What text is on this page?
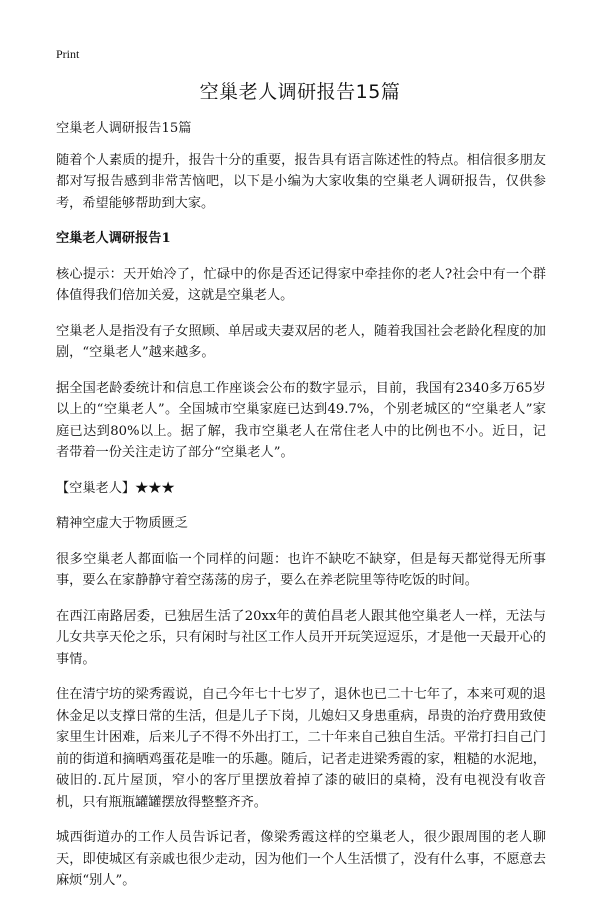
Print
空巢老人调研报告15篇

空巢老人调研报告15篇

随着个人素质的提升，报告十分的重要，报告具有语言陈述性的特点。相信很多朋友都对写报告感到非常苦恼吧，以下是小编为大家收集的空巢老人调研报告，仅供参考，希望能够帮助到大家。

空巢老人调研报告1

核心提示：天开始冷了，忙碌中的你是否还记得家中牵挂你的老人?社会中有一个群体值得我们倍加关爱，这就是空巢老人。

空巢老人是指没有子女照顾、单居或夫妻双居的老人，随着我国社会老龄化程度的加剧，“空巢老人”越来越多。

据全国老龄委统计和信息工作座谈会公布的数字显示，目前，我国有2340多万65岁以上的“空巢老人”。全国城市空巢家庭已达到49.7%，个别老城区的“空巢老人”家庭已达到80%以上。据了解，我市空巢老人在常住老人中的比例也不小。近日，记者带着一份关注走访了部分“空巢老人”。

【空巢老人】★★★

精神空虚大于物质匮乏

很多空巢老人都面临一个同样的问题：也许不缺吃不缺穿，但是每天都觉得无所事事，要么在家静静守着空荡荡的房子，要么在养老院里等待吃饭的时间。

在西江南路居委，已独居生活了20xx年的黄伯昌老人跟其他空巢老人一样，无法与儿女共享天伦之乐，只有闲时与社区工作人员开开玩笑逗逗乐，才是他一天最开心的事情。

住在清宁坊的梁秀霞说，自己今年七十七岁了，退休也已二十七年了，本来可观的退休金足以支撑日常的生活，但是儿子下岗，儿媳妇又身患重病，昂贵的治疗费用致使家里生计困难，后来儿子不得不外出打工，二十年来自己独自生活。平常打扫自己门前的街道和摘晒鸡蛋花是唯一的乐趣。随后，记者走进梁秀霞的家，粗糙的水泥地，破旧的.瓦片屋顶，窄小的客厅里摆放着掉了漆的破旧的桌椅，没有电视没有收音机，只有瓶瓶罐罐摆放得整整齐齐。

城西街道办的工作人员告诉记者，像梁秀霞这样的空巢老人，很少跟周围的老人聊天，即使城区有亲戚也很少走动，因为他们一个人生活惯了，没有什么事，不愿意去麻烦“别人”。
